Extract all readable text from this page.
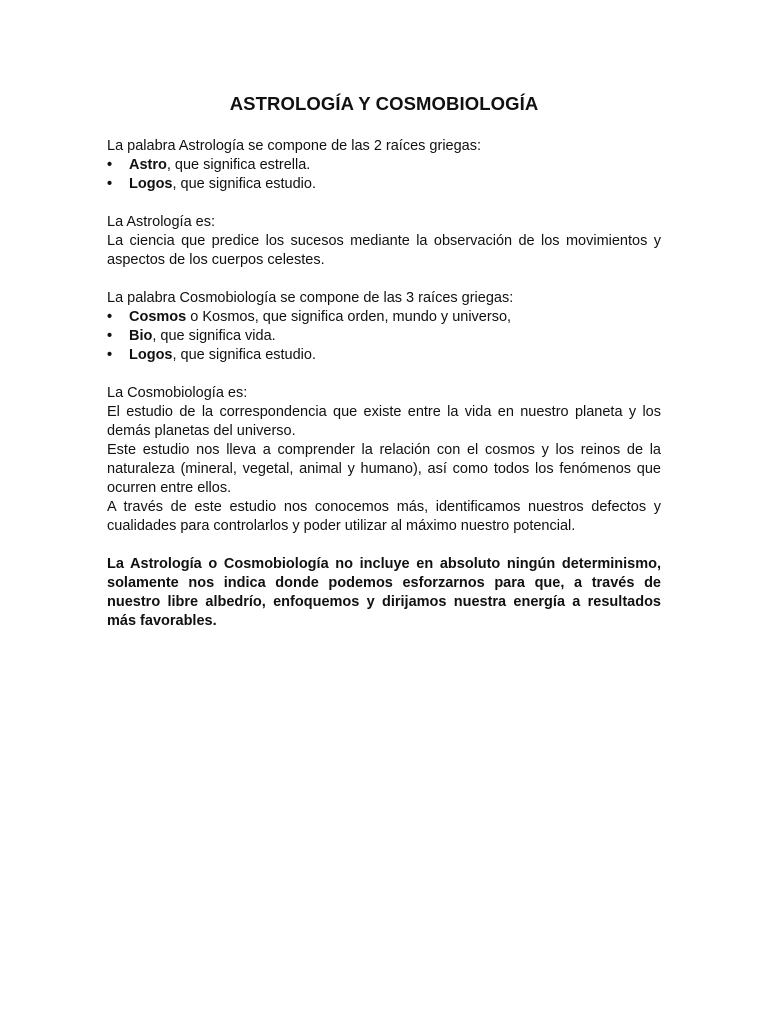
ASTROLOGÍA Y COSMOBIOLOGÍA

La palabra Astrología se compone de las 2 raíces griegas:

•	Astro, que significa estrella.
•	Logos, que significa estudio.

La Astrología es:

La ciencia que predice los sucesos mediante la observación de los movimientos y aspectos de los cuerpos celestes.

La palabra Cosmobiología se compone de las 3 raíces griegas:

•	Cosmos o Kosmos, que significa orden, mundo y universo,
•	Bio, que significa vida.
•	Logos, que significa estudio.

La Cosmobiología es:

El estudio de la correspondencia que existe entre la vida en nuestro planeta y los demás planetas del universo.

Este estudio nos lleva a comprender la relación con el cosmos y los reinos de la naturaleza (mineral, vegetal, animal y humano), así como todos los fenómenos que ocurren entre ellos.

A través de este estudio nos conocemos más, identificamos nuestros defectos y cualidades para controlarlos y poder utilizar al máximo nuestro potencial.

La Astrología o Cosmobiología no incluye en absoluto ningún determinismo, solamente nos indica donde podemos esforzarnos para que, a través de nuestro libre albedrío, enfoquemos y dirijamos nuestra energía a resultados más favorables.
